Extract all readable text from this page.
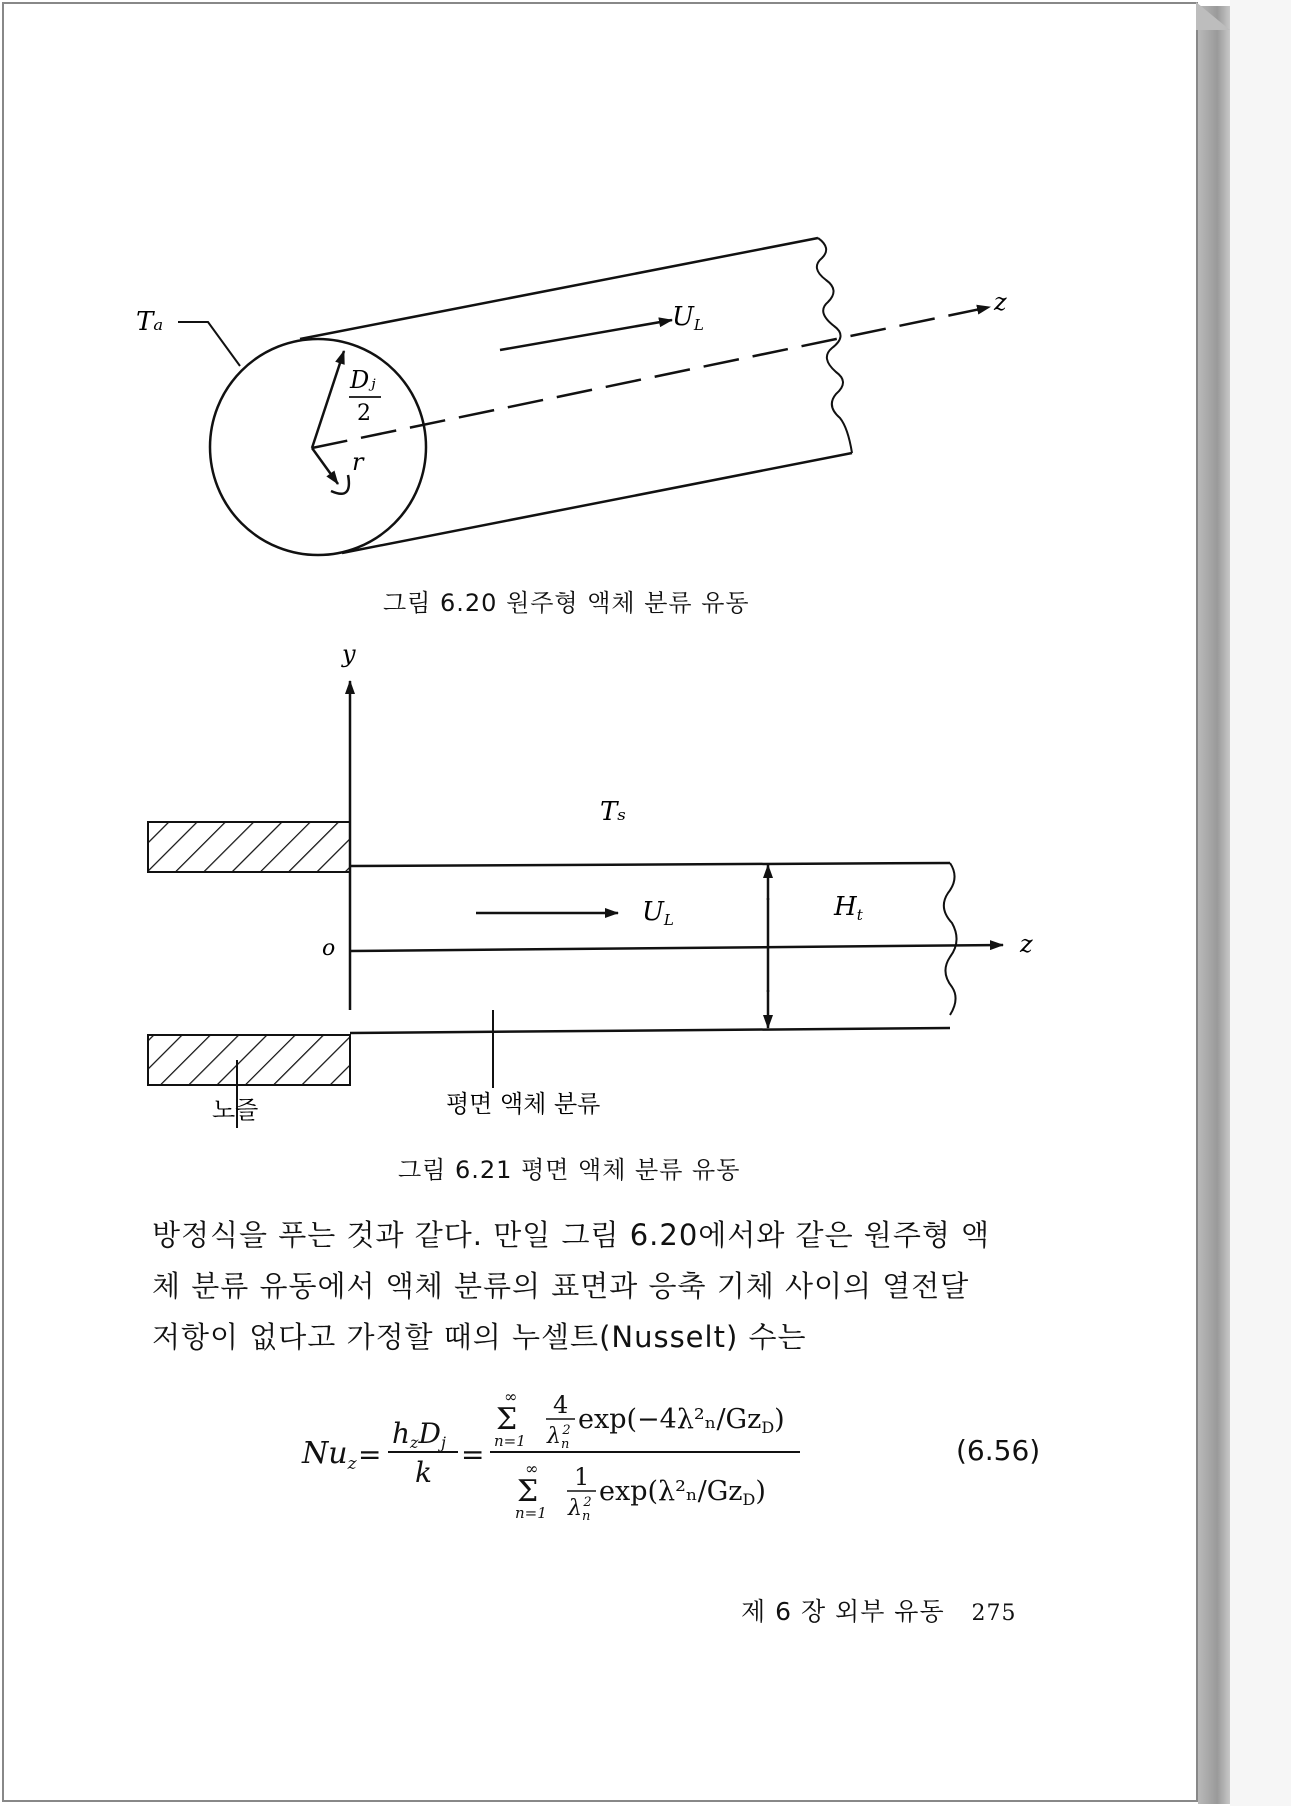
Tₐ	UL
z
Dⱼ
2
r
그림 6.20 원주형 액체 분류 유동
y
z
o
Tₛ
UL	Ht
노즐	평면 액체 분류
그림 6.21 평면 액체 분류 유동
방정식을 푸는 것과 같다. 만일 그림 6.20에서와 같은 원주형 액
체 분류 유동에서 액체 분류의 표면과 응축 기체 사이의 열전달
저항이 없다고 가정할 때의 누셀트(Nusselt) 수는
$Nu_z$ =
hzDj
k
=
∞
Σ
n=1
4
$\lambda_n2$ exp(−4λ²ₙ/GzD)
∞
Σ
n=1
1
$\lambda_n2$ exp(λ²ₙ/GzD)
(6.56)
제 6 장 외부 유동 275
